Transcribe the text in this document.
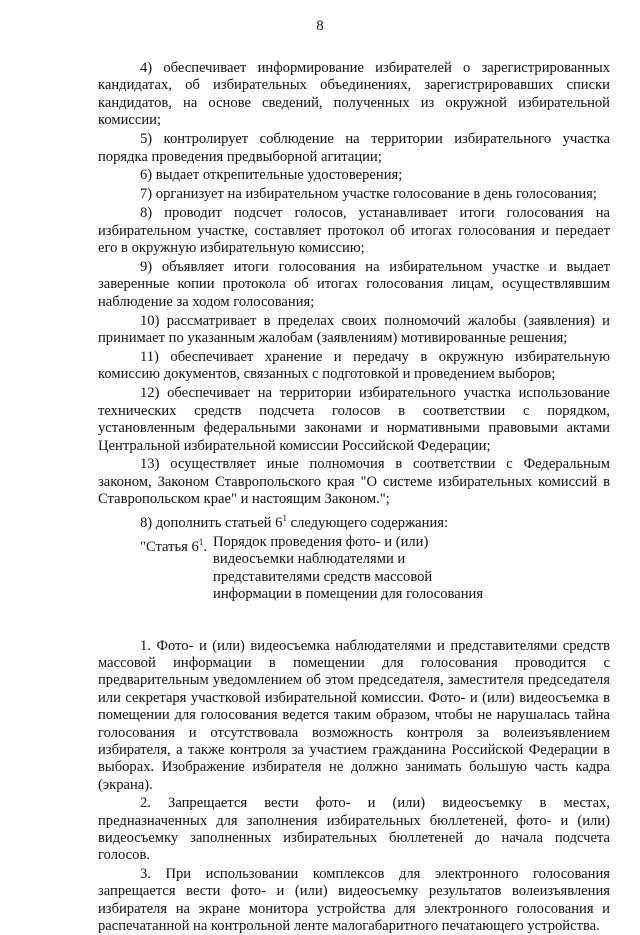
8

4) обеспечивает информирование избирателей о зарегистрированных кандидатах, об избирательных объединениях, зарегистрировавших списки кандидатов, на основе сведений, полученных из окружной избирательной комиссии;

5) контролирует соблюдение на территории избирательного участка порядка проведения предвыборной агитации;

6) выдает открепительные удостоверения;

7) организует на избирательном участке голосование в день голосования;

8) проводит подсчет голосов, устанавливает итоги голосования на избирательном участке, составляет протокол об итогах голосования и передает его в окружную избирательную комиссию;

9) объявляет итоги голосования на избирательном участке и выдает заверенные копии протокола об итогах голосования лицам, осуществлявшим наблюдение за ходом голосования;

10) рассматривает в пределах своих полномочий жалобы (заявления) и принимает по указанным жалобам (заявлениям) мотивированные решения;

11) обеспечивает хранение и передачу в окружную избирательную комиссию документов, связанных с подготовкой и проведением выборов;

12) обеспечивает на территории избирательного участка использование технических средств подсчета голосов в соответствии с порядком, установленным федеральными законами и нормативными правовыми актами Центральной избирательной комиссии Российской Федерации;

13) осуществляет иные полномочия в соответствии с Федеральным законом, Законом Ставропольского края "О системе избирательных комиссий в Ставропольском крае" и настоящим Законом.";

8) дополнить статьей $6^1$ следующего содержания:

"Статья $6^1$. Порядок проведения фото- и (или) видеосъемки наблюдателями и представителями средств массовой информации в помещении для голосования

1. Фото- и (или) видеосъемка наблюдателями и представителями средств массовой информации в помещении для голосования проводится с предварительным уведомлением об этом председателя, заместителя председателя или секретаря участковой избирательной комиссии. Фото- и (или) видеосъемка в помещении для голосования ведется таким образом, чтобы не нарушалась тайна голосования и отсутствовала возможность контроля за волеизъявлением избирателя, а также контроля за участием гражданина Российской Федерации в выборах. Изображение избирателя не должно занимать большую часть кадра (экрана).

2. Запрещается вести фото- и (или) видеосъемку в местах, предназначенных для заполнения избирательных бюллетеней, фото- и (или) видеосъемку заполненных избирательных бюллетеней до начала подсчета голосов.

3. При использовании комплексов для электронного голосования запрещается вести фото- и (или) видеосъемку результатов волеизъявления избирателя на экране монитора устройства для электронного голосования и распечатанной на контрольной ленте малогабаритного печатающего устройства.
